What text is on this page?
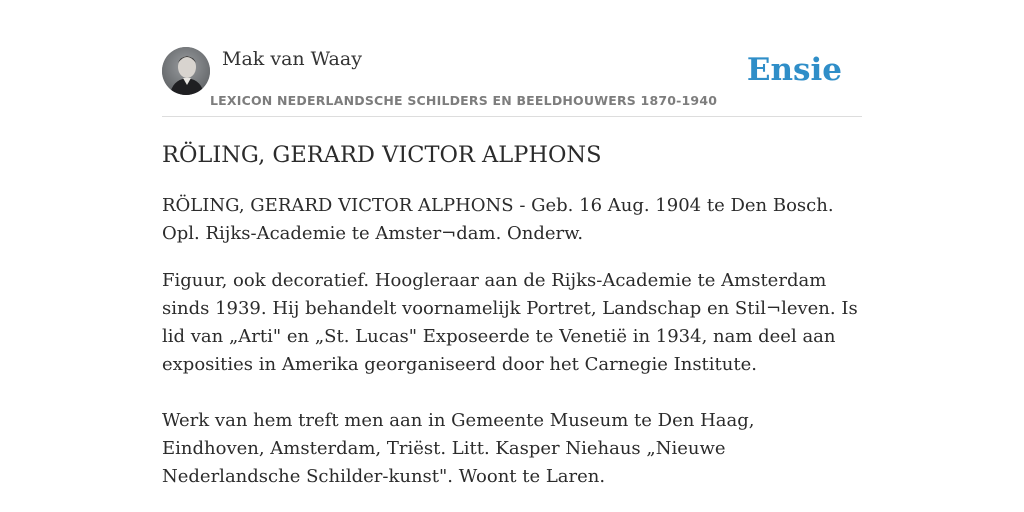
Mak van Waay
LEXICON NEDERLANDSCHE SCHILDERS EN BEELDHOUWERS 1870-1940
Ensie
RÖLING, GERARD VICTOR ALPHONS

RÖLING, GERARD VICTOR ALPHONS - Geb. 16 Aug. 1904 te Den Bosch. Opl. Rijks-Academie te Amster¬dam. Onderw.

Figuur, ook decoratief. Hoogleraar aan de Rijks-Academie te Amsterdam sinds 1939. Hij behandelt voornamelijk Portret, Landschap en Stil¬leven. Is lid van „Arti" en „St. Lucas" Exposeerde te Venetië in 1934, nam deel aan exposities in Amerika georganiseerd door het Carnegie Institute.

Werk van hem treft men aan in Gemeente Museum te Den Haag, Eindhoven, Amsterdam, Triëst. Litt. Kasper Niehaus „Nieuwe Nederlandsche Schilder-kunst". Woont te Laren.
